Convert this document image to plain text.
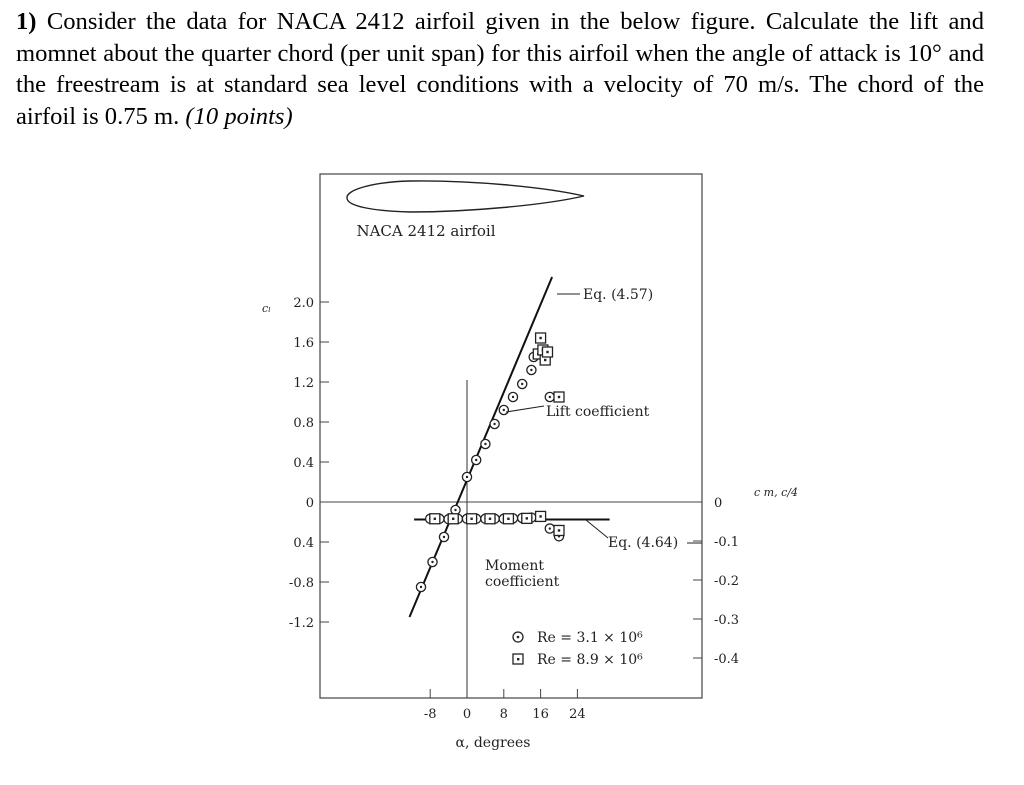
1) Consider the data for NACA 2412 airfoil given in the below figure. Calculate the lift and momnet about the quarter chord (per unit span) for this airfoil when the angle of attack is 10° and the freestream is at standard sea level conditions with a velocity of 70 m/s. The chord of the airfoil is 0.75 m. (10 points)
NACA 2412 airfoil
2.0
1.6
1.2
0.8
0.4
0
0.4
-0.8
-1.2
0
-0.1
-0.2
-0.3
-0.4
-8 0 8 16 24
cₗ
c m, c/4
α, degrees
Eq. (4.57)
Lift coefficient
Eq. (4.64)
Moment
coefficient
Re = 3.1 × 10⁶
Re = 8.9 × 10⁶
